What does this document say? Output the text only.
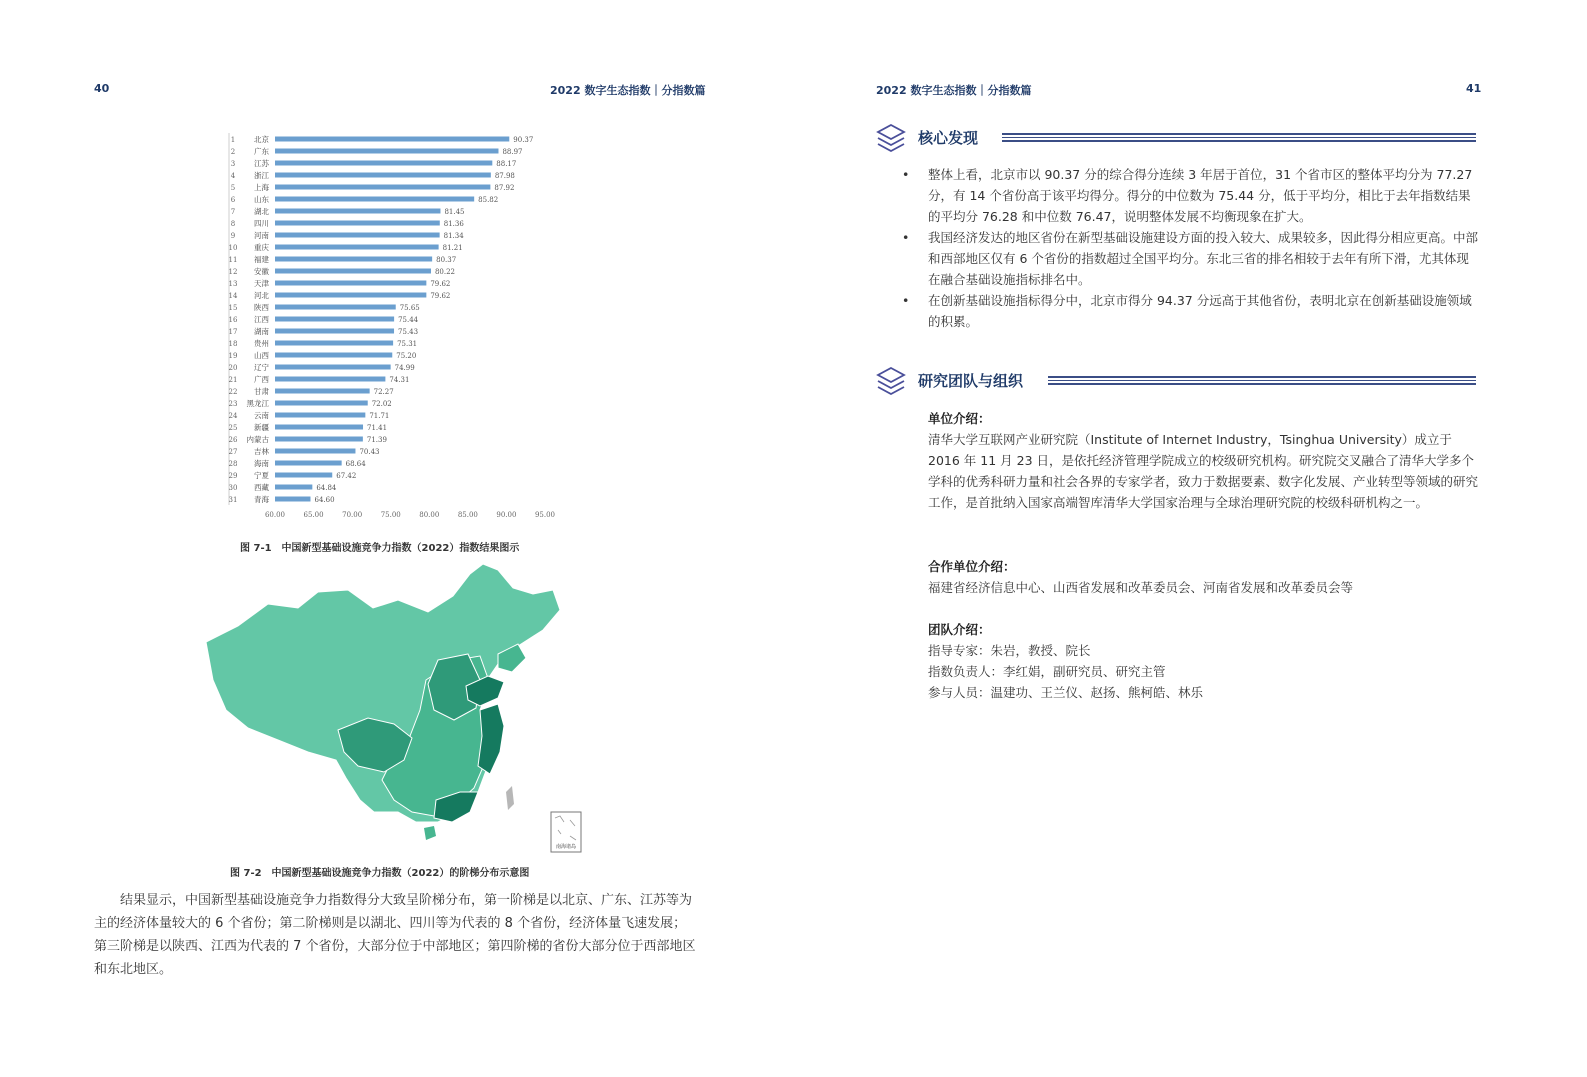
40	2022 数字生态指数｜分指数篇
1	北京	90.37
2	广东	88.97
3	江苏	88.17
4	浙江	87.98
5	上海	87.92
6	山东	85.82
7	湖北	81.45
8	四川	81.36
9	河南	81.34
10 重庆	81.21
11 福建	80.37
12 安徽	80.22
13 天津	79.62
14 河北	79.62
15 陕西	75.65
16 江西	75.44
17 湖南	75.43
18 贵州	75.31
19 山西	75.20
20 辽宁	74.99
21 广西	74.31
22 甘肃	72.27
23 黑龙江	72.02
24 云南	71.71
25 新疆	71.41
26 内蒙古	71.39
27 吉林	70.43
28 海南	68.64
29 宁夏	67.42
30 西藏	64.84
31 青海	64.60
60.00	65.00	70.00	75.00	80.00	85.00	90.00	95.00
图 7-1　中国新型基础设施竞争力指数（2022）指数结果图示
南海诸岛
图 7-2　中国新型基础设施竞争力指数（2022）的阶梯分布示意图
结果显示，中国新型基础设施竞争力指数得分大致呈阶梯分布，第一阶梯是以北京、广东、江苏等为主的经济体量较大的 6 个省份；第二阶梯则是以湖北、四川等为代表的 8 个省份，经济体量飞速发展；第三阶梯是以陕西、江西为代表的 7 个省份，大部分位于中部地区；第四阶梯的省份大部分位于西部地区和东北地区。
2022 数字生态指数｜分指数篇	41
核心发现
• 整体上看，北京市以 90.37 分的综合得分连续 3 年居于首位，31 个省市区的整体平均分为 77.27 分，有 14 个省份高于该平均得分。得分的中位数为 75.44 分，低于平均分，相比于去年指数结果的平均分 76.28 和中位数 76.47，说明整体发展不均衡现象在扩大。
• 我国经济发达的地区省份在新型基础设施建设方面的投入较大、成果较多，因此得分相应更高。中部和西部地区仅有 6 个省份的指数超过全国平均分。东北三省的排名相较于去年有所下滑，尤其体现在融合基础设施指标排名中。
• 在创新基础设施指标得分中，北京市得分 94.37 分远高于其他省份，表明北京在创新基础设施领域的积累。
研究团队与组织
单位介绍：
清华大学互联网产业研究院（Institute of Internet Industry，Tsinghua University）成立于 2016 年 11 月 23 日，是依托经济管理学院成立的校级研究机构。研究院交叉融合了清华大学多个学科的优秀科研力量和社会各界的专家学者，致力于数据要素、数字化发展、产业转型等领域的研究工作，是首批纳入国家高端智库清华大学国家治理与全球治理研究院的校级科研机构之一。
合作单位介绍：
福建省经济信息中心、山西省发展和改革委员会、河南省发展和改革委员会等
团队介绍：
指导专家：朱岩，教授、院长
指数负责人：李红娟，副研究员、研究主管
参与人员：温建功、王兰仪、赵扬、熊柯皓、林乐
